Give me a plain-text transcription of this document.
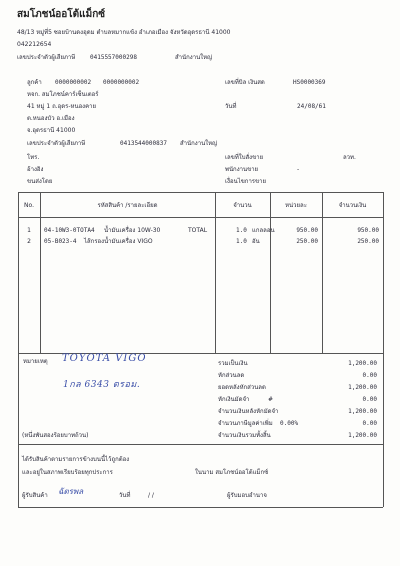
สมโภชน์ออโต้แม็กซ์
48/13 หมู่ที่5 ซอยบ้านดงอุดม ตำบลหมากแข้ง อำเภอเมือง จังหวัดอุดรธานี 41000
042212654
เลขประจำตัวผู้เสียภาษี 0415557000298	สำนักงานใหญ่
ลูกค้า 0000000002 0000000002
หจก. สมโภชน์คาร์เซ็นเตอร์
41 หมู่ 1 ถ.อุดร-หนองคาย
ต.หนองบัว อ.เมือง
จ.อุดรธานี 41000
เลขประจำตัวผู้เสียภาษี	0413544000837 สำนักงานใหญ่
โทร.
อ้างอิง
ขนส่งโดย
เลขที่บิล เงินสด	HS0000369
วันที่	24/08/61
เลขที่ใบสั่งขาย	ลวท.
พนักงานขาย	-
เงื่อนไขการขาย
No.	รหัสสินค้า /รายละเอียด	จำนวน	หน่วยละ	จำนวนเงิน
1	04-10W3-0TOTA4 น้ำมันเครื่อง 10W-30	TOTAL	1.0 แกลลอน	950.00	950.00
2	05-B023-4 ไส้กรองน้ำมันเครื่อง VIGO	1.0 อัน	250.00	250.00
หมายเหตุ TOYOTA VIGO
1กล 6343 ตรอม.
รวมเป็นเงิน	1,200.00
หักส่วนลด	0.00
ยอดหลังหักส่วนลด	1,200.00
หักเงินมัดจำ	#	0.00
จำนวนเงินหลังหักมัดจำ	1,200.00
จำนวนภาษีมูลค่าเพิ่ม 0.00%	0.00
(หนึ่งพันสองร้อยบาทถ้วน)	จำนวนเงินรวมทั้งสิ้น	1,200.00
ได้รับสินค้าตามรายการข้างบนนี้ไว้ถูกต้อง
และอยู่ในสภาพเรียบร้อยทุกประการ	ในนาม สมโภชน์ออโต้แม็กซ์
ผู้รับสินค้า ฉัตรพล	วันที่	/ /	ผู้รับมอบอำนาจ
